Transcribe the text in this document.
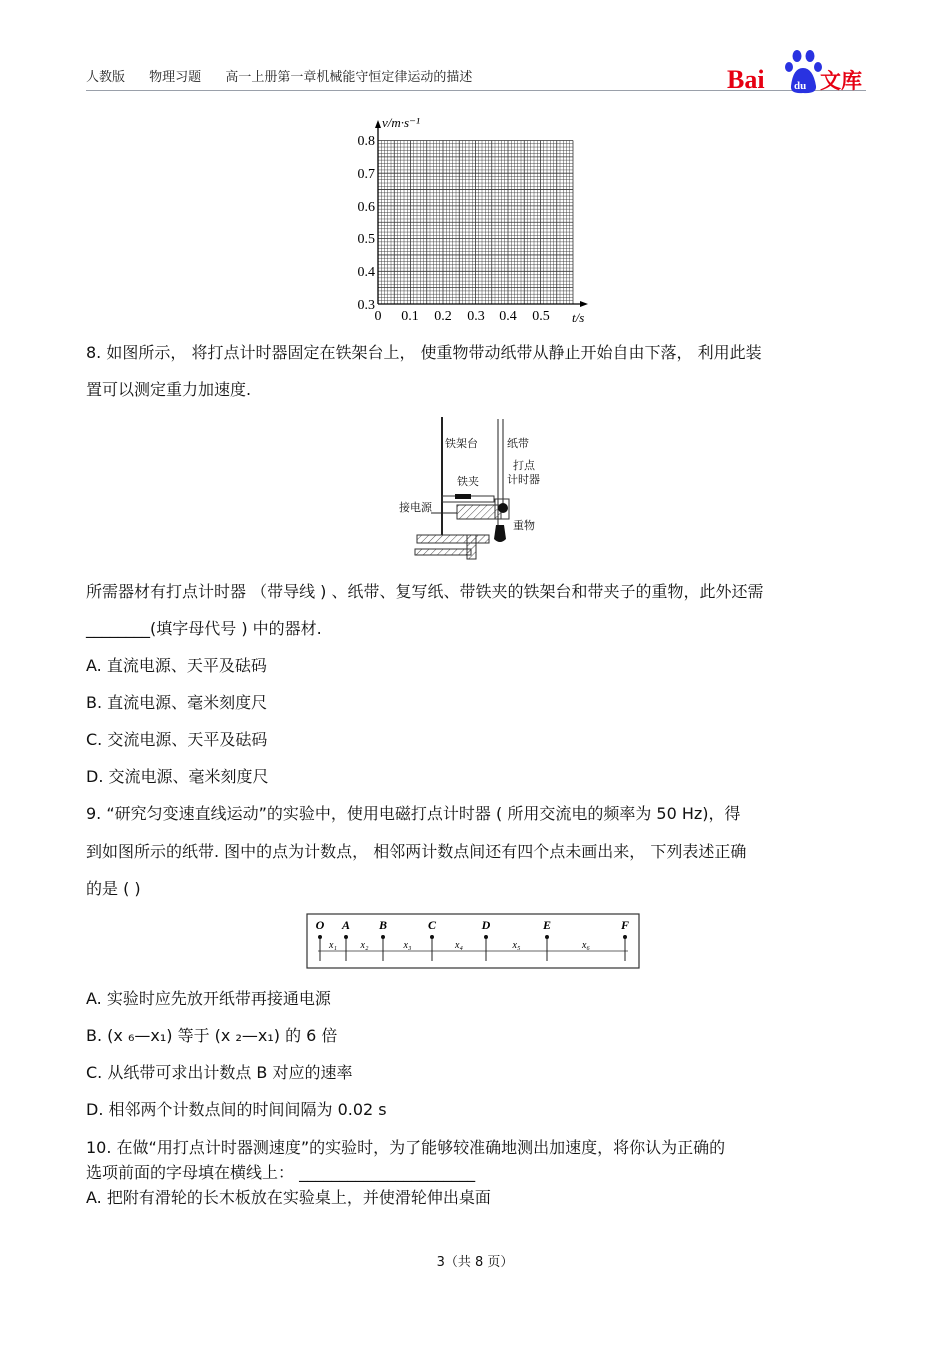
人教版 物理习题 高一上册第一章机械能守恒定律运动的描述	Bai	du 文库
v/m·s⁻¹
t/s
0.8
0.7
0.6
0.5
0.4
0.3
0 0.1 0.2 0.3 0.4 0.5
8. 如图所示， 将打点计时器固定在铁架台上， 使重物带动纸带从静止开始自由下落， 利用此装
置可以测定重力加速度.
铁架台	纸带
打点
计时器
铁夹
接电源
重物
所需器材有打点计时器 （带导线 ) 、纸带、复写纸、带铁夹的铁架台和带夹子的重物，此外还需
________(填字母代号 ) 中的器材.
A. 直流电源、天平及砝码
B. 直流电源、毫米刻度尺
C. 交流电源、天平及砝码
D. 交流电源、毫米刻度尺
9. “研究匀变速直线运动”的实验中，使用电磁打点计时器 ( 所用交流电的频率为 50 Hz)，得
到如图所示的纸带. 图中的点为计数点， 相邻两计数点间还有四个点未画出来， 下列表述正确
的是 ( )
O A B	C	D	E	F
x₁ x₂	x₃	x₄	x₅	x₆
A. 实验时应先放开纸带再接通电源
B. (x ₆—x₁) 等于 (x ₂—x₁) 的 6 倍
C. 从纸带可求出计数点 B 对应的速率
D. 相邻两个计数点间的时间间隔为 0.02 s
10. 在做“用打点计时器测速度”的实验时，为了能够较准确地测出加速度，将你认为正确的
选项前面的字母填在横线上： ______________________
A. 把附有滑轮的长木板放在实验桌上，并使滑轮伸出桌面
3（共 8 页）
